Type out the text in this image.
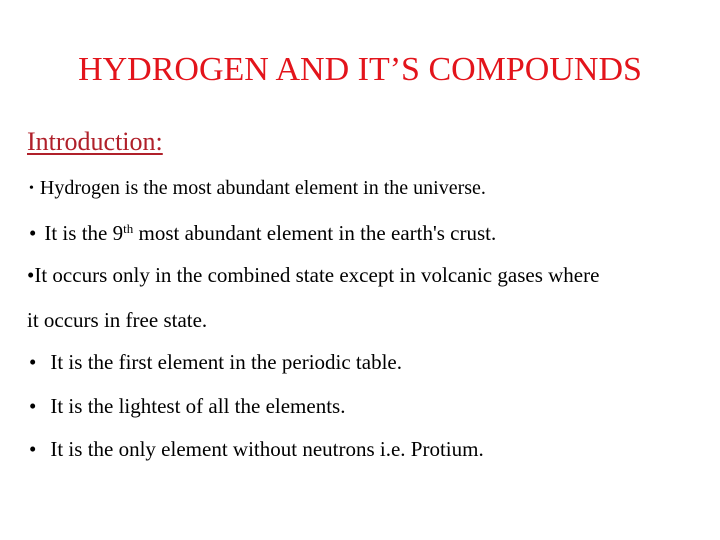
HYDROGEN AND IT’S COMPOUNDS
Introduction:
• Hydrogen is the most abundant element in the universe.
• It is the 9th most abundant element in the earth's crust.
•It occurs only in the combined state except in volcanic gases where
it occurs in free state.
• It is the first element in the periodic table.
• It is the lightest of all the elements.
• It is the only element without neutrons i.e. Protium.
